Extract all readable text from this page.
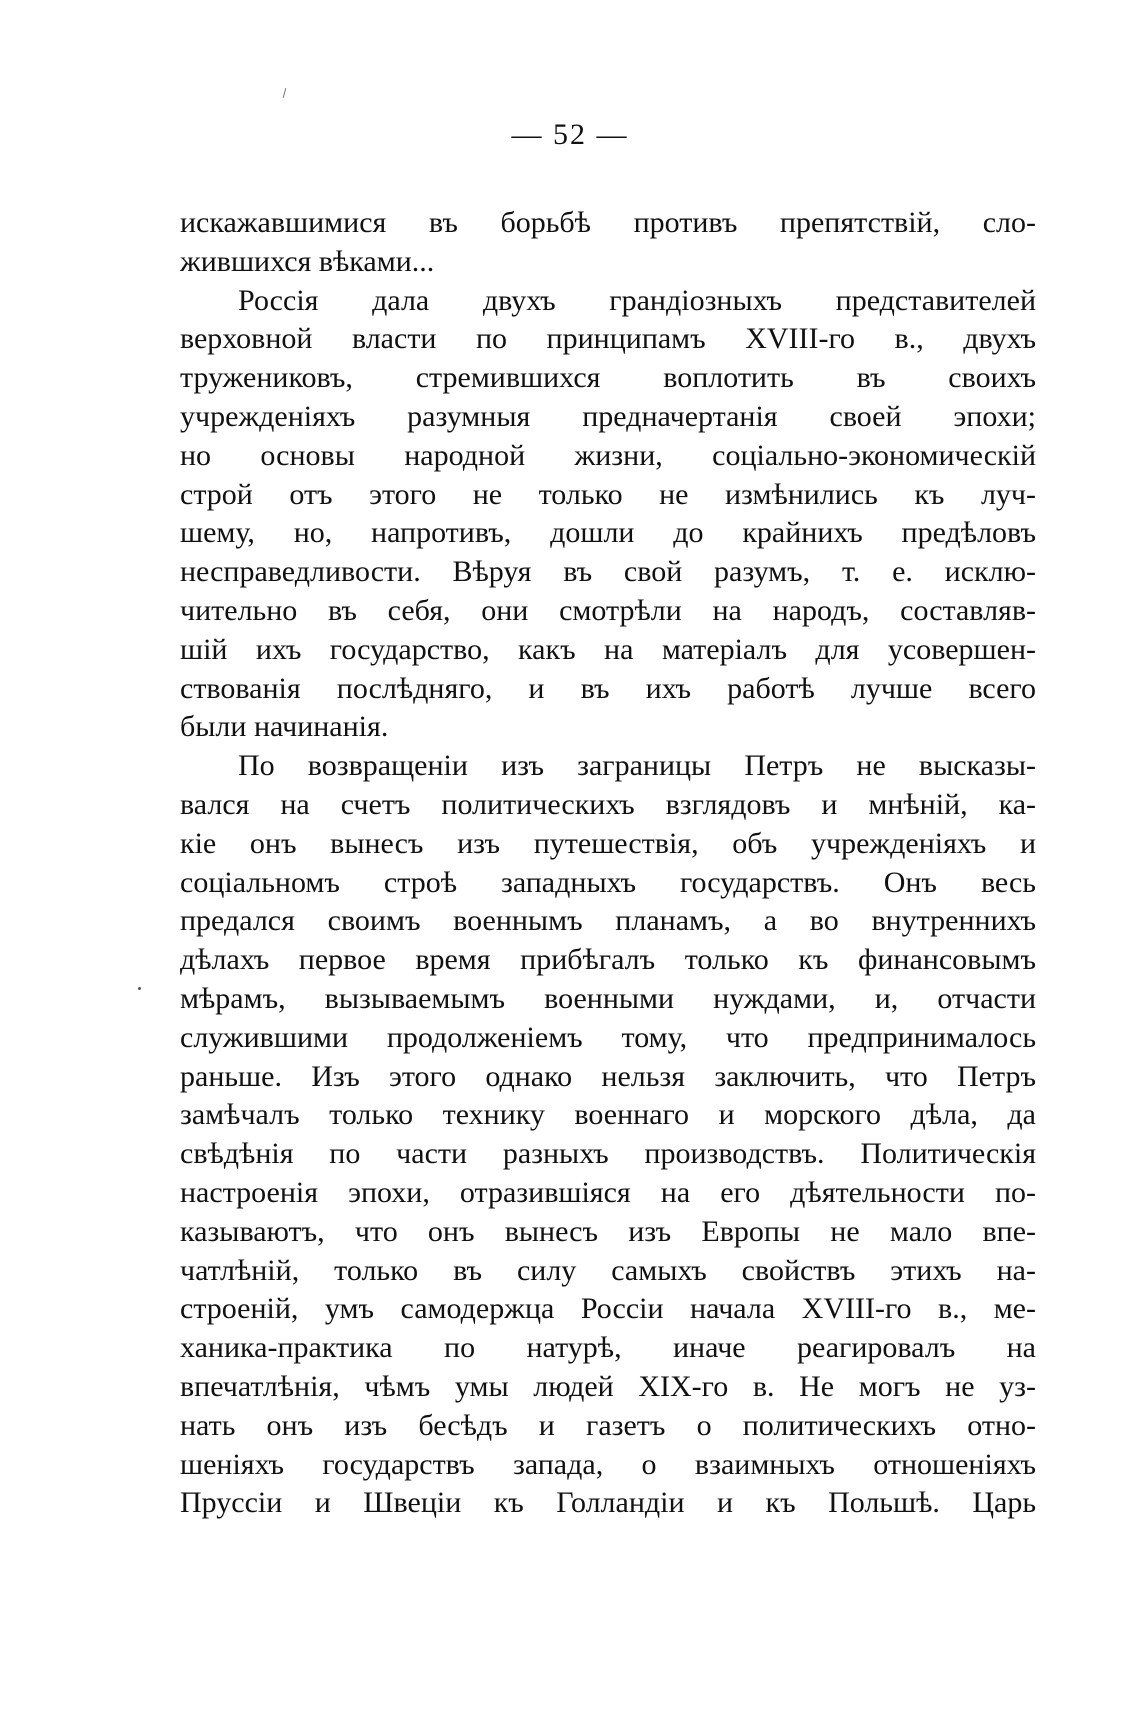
— 52 —
искажавшимися въ борьбѣ противъ препятствій, сло-
жившихся вѣками...
Россія дала двухъ грандіозныхъ представителей
верховной власти по принципамъ XVIII-го в., двухъ
тружениковъ, стремившихся воплотить въ своихъ
учрежденіяхъ разумныя предначертанія своей эпохи;
но основы народной жизни, соціально-экономическій
строй отъ этого не только не измѣнились къ луч-
шему, но, напротивъ, дошли до крайнихъ предѣловъ
несправедливости. Вѣруя въ свой разумъ, т. е. исклю-
чительно въ себя, они смотрѣли на народъ, составляв-
шій ихъ государство, какъ на матеріалъ для усовершен-
ствованія послѣдняго, и въ ихъ работѣ лучше всего
были начинанія.
По возвращеніи изъ заграницы Петръ не высказы-
вался на счетъ политическихъ взглядовъ и мнѣній, ка-
кіе онъ вынесъ изъ путешествія, объ учрежденіяхъ и
соціальномъ строѣ западныхъ государствъ. Онъ весь
предался своимъ военнымъ планамъ, а во внутреннихъ
дѣлахъ первое время прибѣгалъ только къ финансовымъ
мѣрамъ, вызываемымъ военными нуждами, и, отчасти
служившими продолженіемъ тому, что предпринималось
раньше. Изъ этого однако нельзя заключить, что Петръ
замѣчалъ только технику военнаго и морского дѣла, да
свѣдѣнія по части разныхъ производствъ. Политическія
настроенія эпохи, отразившіяся на его дѣятельности по-
казываютъ, что онъ вынесъ изъ Европы не мало впе-
чатлѣній, только въ силу самыхъ свойствъ этихъ на-
строеній, умъ самодержца Россіи начала XVIII-го в., ме-
ханика-практика по натурѣ, иначе реагировалъ на
впечатлѣнія, чѣмъ умы людей XIX-го в. Не могъ не уз-
нать онъ изъ бесѣдъ и газетъ о политическихъ отно-
шеніяхъ государствъ запада, о взаимныхъ отношеніяхъ
Пруссіи и Швеціи къ Голландіи и къ Польшѣ. Царь
